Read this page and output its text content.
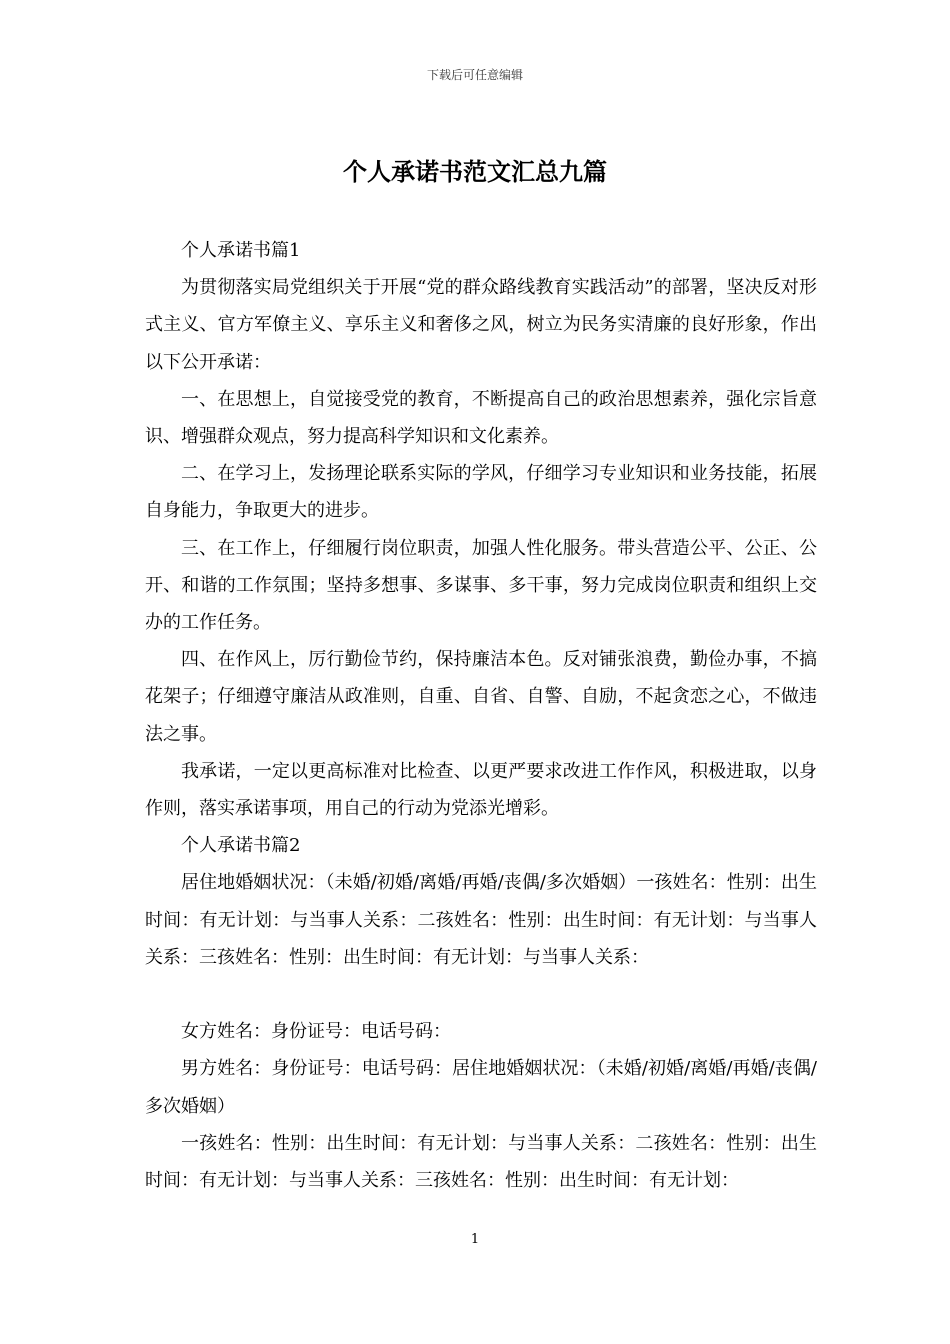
下载后可任意编辑
个人承诺书范文汇总九篇

个人承诺书篇1

为贯彻落实局党组织关于开展“党的群众路线教育实践活动”的部署，坚决反对形式主义、官方军僚主义、享乐主义和奢侈之风，树立为民务实清廉的良好形象，作出以下公开承诺：

一、在思想上，自觉接受党的教育，不断提高自己的政治思想素养，强化宗旨意识、增强群众观点，努力提高科学知识和文化素养。

二、在学习上，发扬理论联系实际的学风，仔细学习专业知识和业务技能，拓展自身能力，争取更大的进步。

三、在工作上，仔细履行岗位职责，加强人性化服务。带头营造公平、公正、公开、和谐的工作氛围；坚持多想事、多谋事、多干事，努力完成岗位职责和组织上交办的工作任务。

四、在作风上，厉行勤俭节约，保持廉洁本色。反对铺张浪费，勤俭办事，不搞花架子；仔细遵守廉洁从政准则，自重、自省、自警、自励，不起贪恋之心，不做违法之事。

我承诺，一定以更高标准对比检查、以更严要求改进工作作风，积极进取，以身作则，落实承诺事项，用自己的行动为党添光增彩。

个人承诺书篇2

居住地婚姻状况：（未婚/初婚/离婚/再婚/丧偶/多次婚姻）一孩姓名：性别：出生时间：有无计划：与当事人关系：二孩姓名：性别：出生时间：有无计划：与当事人关系：三孩姓名：性别：出生时间：有无计划：与当事人关系：

女方姓名：身份证号：电话号码：

男方姓名：身份证号：电话号码：居住地婚姻状况：（未婚/初婚/离婚/再婚/丧偶/多次婚姻）

一孩姓名：性别：出生时间：有无计划：与当事人关系：二孩姓名：性别：出生时间：有无计划：与当事人关系：三孩姓名：性别：出生时间：有无计划：

1
